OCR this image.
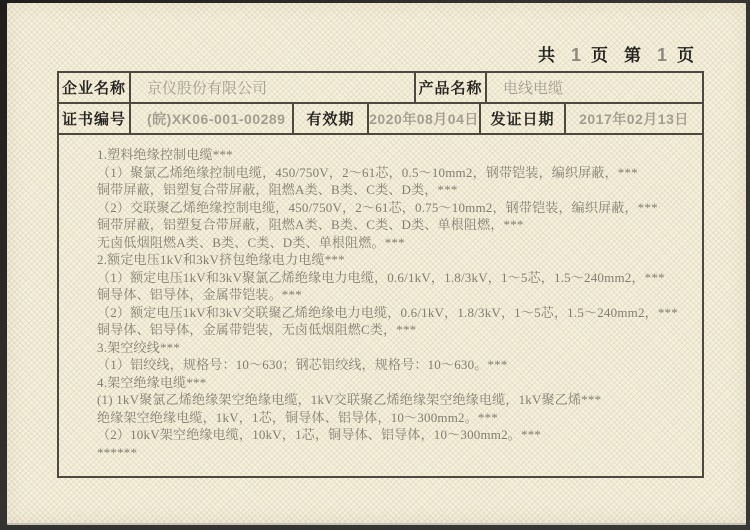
共 1 页 第 1 页
企业名称	京仪股份有限公司	产品名称	电线电缆
证书编号	(皖)XK06-001-00289	有效期	2020年08月04日 发证日期	2017年02月13日
1.塑料绝缘控制电缆***
（1）聚氯乙烯绝缘控制电缆，450/750V，2～61芯，0.5～10mm2，钢带铠装，编织屏蔽，***
铜带屏蔽，铝塑复合带屏蔽，阻燃A类、B类、C类、D类，***
（2）交联聚乙烯绝缘控制电缆，450/750V，2～61芯，0.75～10mm2，钢带铠装，编织屏蔽，***
铜带屏蔽，铝塑复合带屏蔽，阻燃A类、B类、C类、D类、单根阻燃，***
无卤低烟阻燃A类、B类、C类、D类、单根阻燃。***
2.额定电压1kV和3kV挤包绝缘电力电缆***
（1）额定电压1kV和3kV聚氯乙烯绝缘电力电缆，0.6/1kV，1.8/3kV，1～5芯，1.5～240mm2，***
铜导体、铝导体，金属带铠装。***
（2）额定电压1kV和3kV交联聚乙烯绝缘电力电缆，0.6/1kV，1.8/3kV，1～5芯，1.5～240mm2，***
铜导体、铝导体，金属带铠装，无卤低烟阻燃C类，***
3.架空绞线***
（1）铝绞线，规格号：10～630；钢芯铝绞线，规格号：10～630。***
4.架空绝缘电缆***
(1) 1kV聚氯乙烯绝缘架空绝缘电缆，1kV交联聚乙烯绝缘架空绝缘电缆，1kV聚乙烯***
绝缘架空绝缘电缆，1kV，1芯，铜导体、铝导体，10～300mm2。***
（2）10kV架空绝缘电缆，10kV，1芯，铜导体、铝导体，10～300mm2。***
******
